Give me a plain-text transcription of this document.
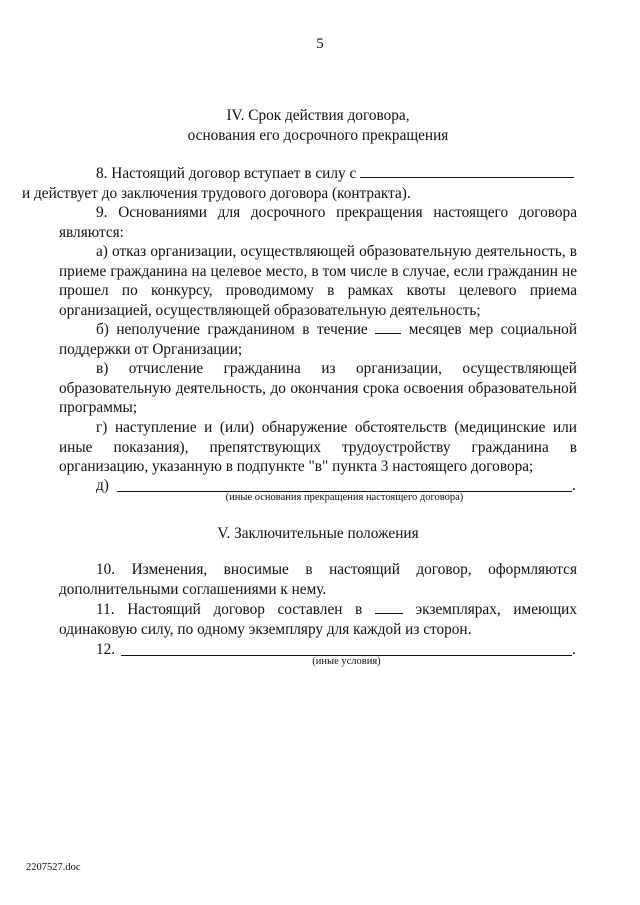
5
IV. Срок действия договора,
основания его досрочного прекращения
8. Настоящий договор вступает в силу с
и действует до заключения трудового договора (контракта).
9. Основаниями для досрочного прекращения настоящего договора являются:
а) отказ организации, осуществляющей образовательную деятельность, в приеме гражданина на целевое место, в том числе в случае, если гражданин не прошел по конкурсу, проводимому в рамках квоты целевого приема организацией, осуществляющей образовательную деятельность;
б) неполучение гражданином в течение	месяцев мер социальной поддержки от Организации;
в) отчисление гражданина из организации, осуществляющей образовательную деятельность, до окончания срока освоения образовательной программы;
г) наступление и (или) обнаружение обстоятельств (медицинские или иные показания), препятствующих трудоустройству гражданина в организацию, указанную в подпункте "в" пункта 3 настоящего договора;
д)	.
(иные основания прекращения настоящего договора)
V. Заключительные положения
10. Изменения, вносимые в настоящий договор, оформляются дополнительными соглашениями к нему.
11. Настоящий договор составлен в	экземплярах, имеющих одинаковую силу, по одному экземпляру для каждой из сторон.
12.	.
(иные условия)
2207527.doc
